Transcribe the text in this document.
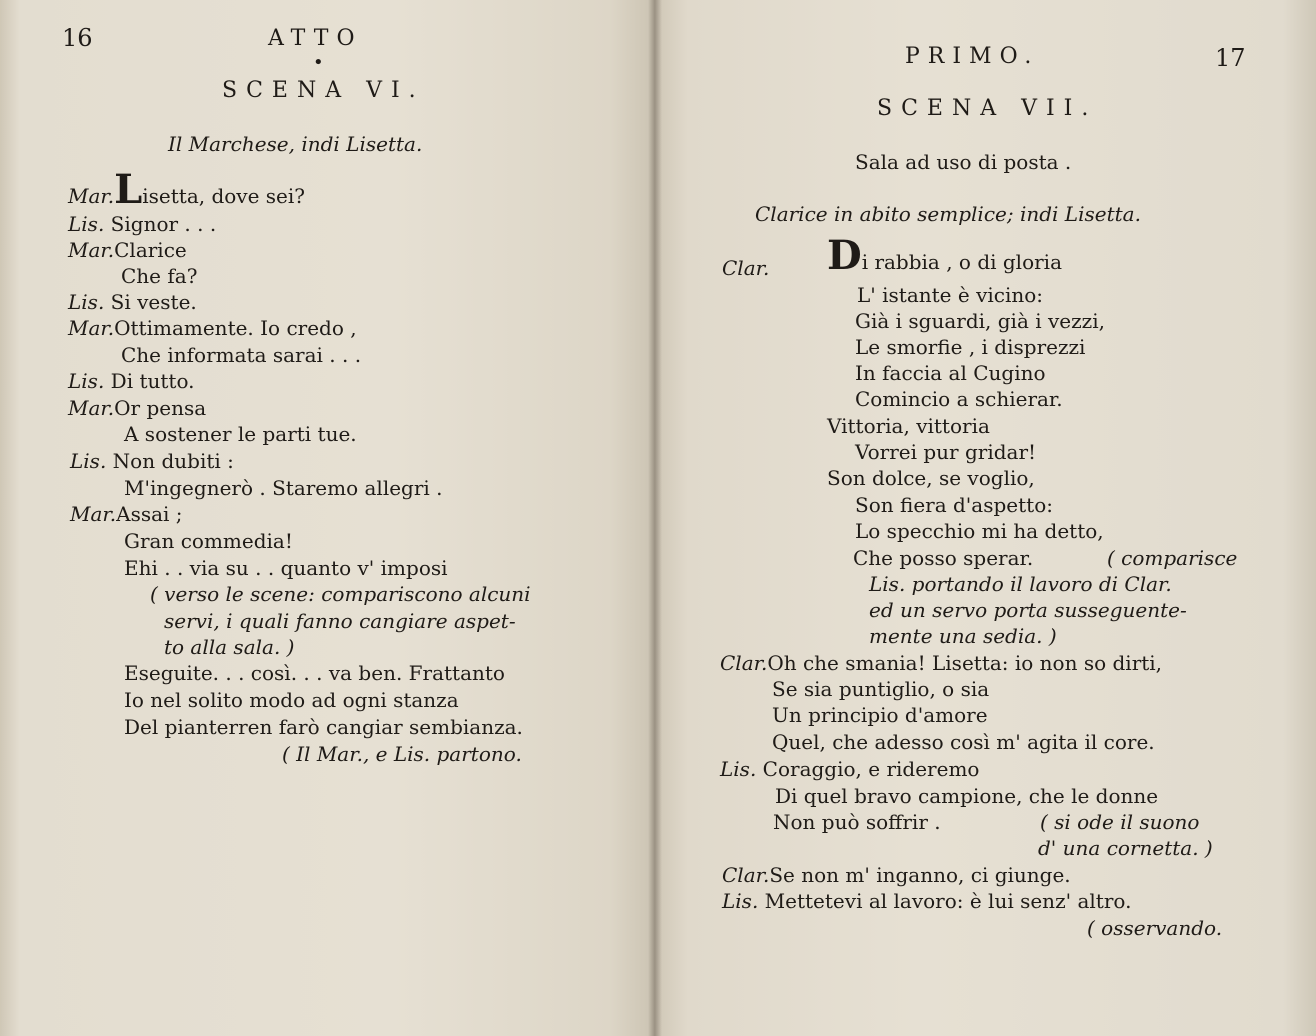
16	ATTO
•
SCENA VI.
Il Marchese, indi Lisetta.
Mar.Lisetta, dove sei?
Lis. Signor . . .
Mar.Clarice
Che fa?
Lis. Si veste.
Mar.Ottimamente. Io credo ,
Che informata sarai . . .
Lis. Di tutto.
Mar.Or pensa
A sostener le parti tue.
Lis. Non dubiti :
M'ingegnerò . Staremo allegri .
Mar.Assai ;
Gran commedia!
Ehi . . via su . . quanto v' imposi
( verso le scene: compariscono alcuni
servi, i quali fanno cangiare aspet-
to alla sala. )
Eseguite. . . così. . . va ben. Frattanto
Io nel solito modo ad ogni stanza
Del pianterren farò cangiar sembianza.
( Il Mar., e Lis. partono.
PRIMO.	17
SCENA VII.
Sala ad uso di posta .
Clarice in abito semplice; indi Lisetta.
Clar. Di rabbia , o di gloria
L' istante è vicino:
Già i sguardi, già i vezzi,
Le smorfie , i disprezzi
In faccia al Cugino
Comincio a schierar.
Vittoria, vittoria
Vorrei pur gridar!
Son dolce, se voglio,
Son fiera d'aspetto:
Lo specchio mi ha detto,
Che posso sperar.	( comparisce
Lis. portando il lavoro di Clar.
ed un servo porta susseguente-
mente una sedia. )
Clar.Oh che smania! Lisetta: io non so dirti,
Se sia puntiglio, o sia
Un principio d'amore
Quel, che adesso così m' agita il core.
Lis. Coraggio, e rideremo
Di quel bravo campione, che le donne
Non può soffrir .	( si ode il suono
d' una cornetta. )
Clar.Se non m' inganno, ci giunge.
Lis. Mettetevi al lavoro: è lui senz' altro.
( osservando.
